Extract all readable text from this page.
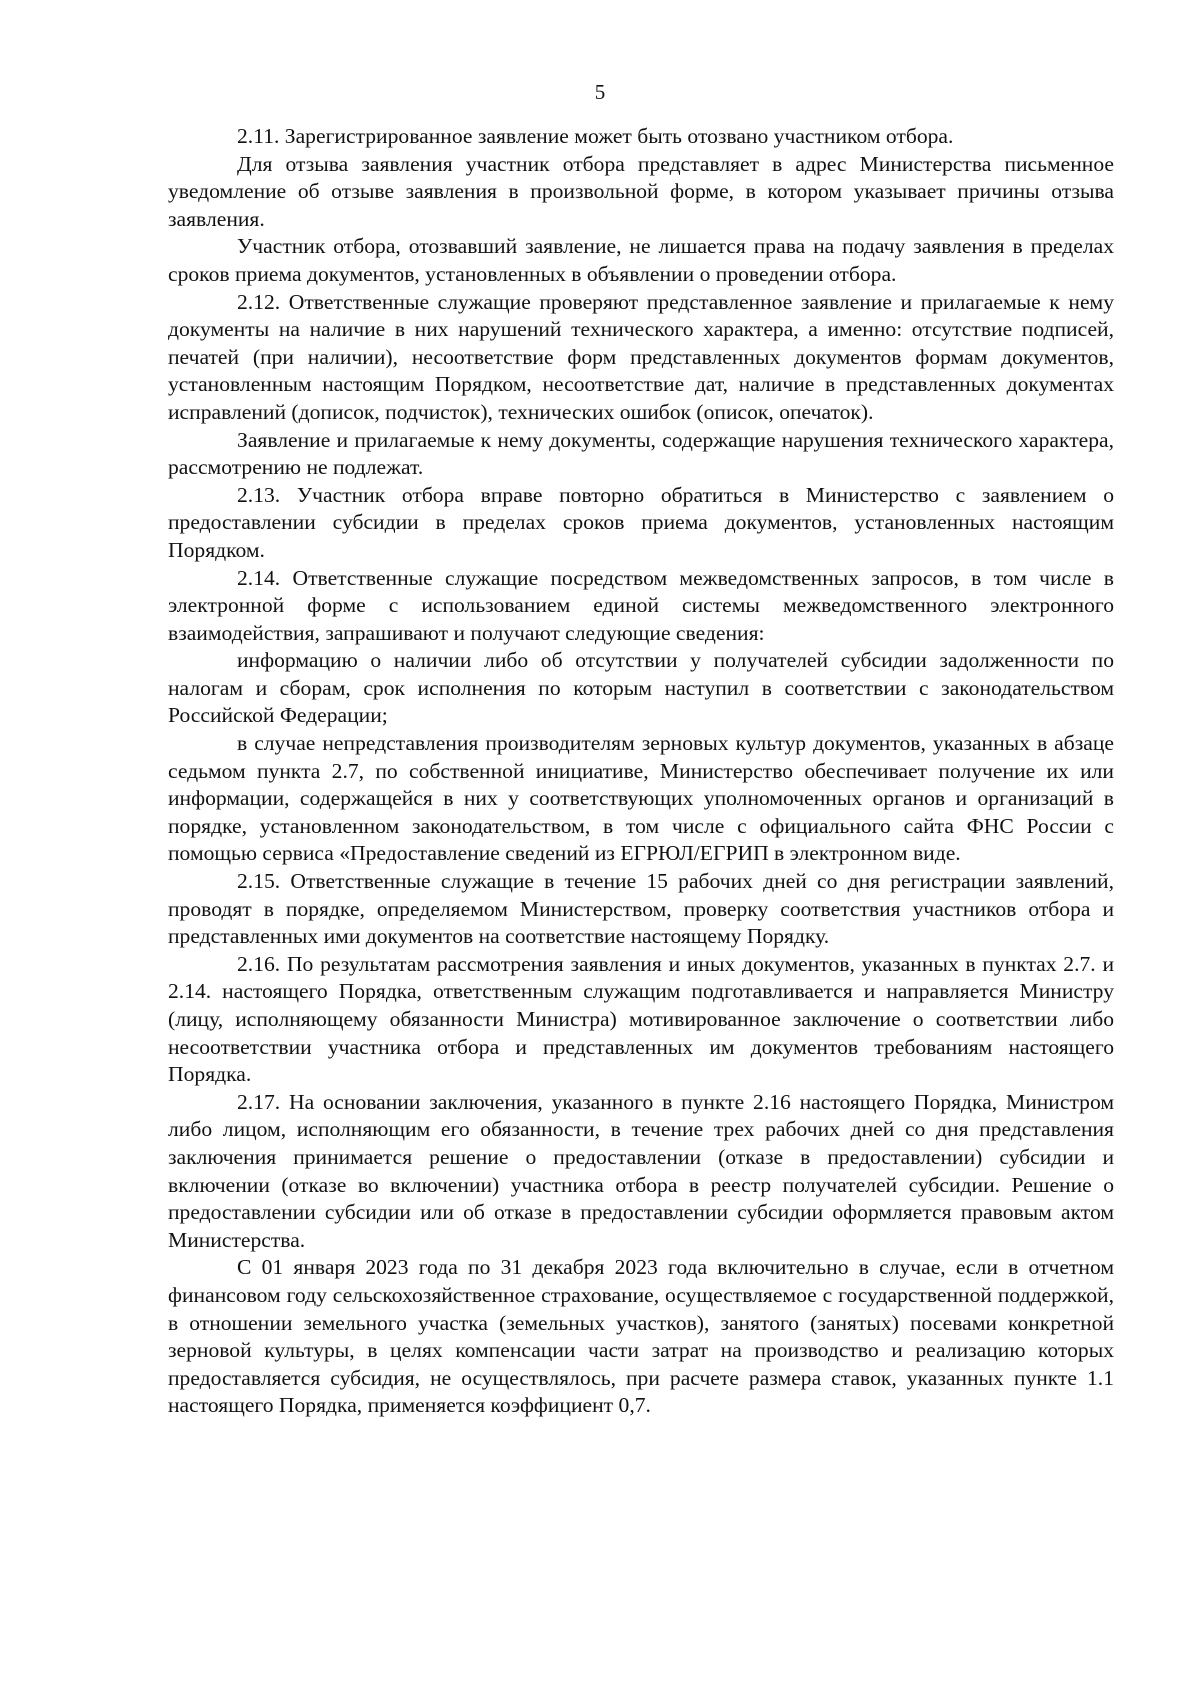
5

2.11. Зарегистрированное заявление может быть отозвано участником отбора.

Для отзыва заявления участник отбора представляет в адрес Министерства письменное уведомление об отзыве заявления в произвольной форме, в котором указывает причины отзыва заявления.

Участник отбора, отозвавший заявление, не лишается права на подачу заявления в пределах сроков приема документов, установленных в объявлении о проведении отбора.

2.12. Ответственные служащие проверяют представленное заявление и прилагаемые к нему документы на наличие в них нарушений технического характера, а именно: отсутствие подписей, печатей (при наличии), несоответствие форм представленных документов формам документов, установленным настоящим Порядком, несоответствие дат, наличие в представленных документах исправлений (дописок, подчисток), технических ошибок (описок, опечаток).

Заявление и прилагаемые к нему документы, содержащие нарушения технического характера, рассмотрению не подлежат.

2.13. Участник отбора вправе повторно обратиться в Министерство с заявлением о предоставлении субсидии в пределах сроков приема документов, установленных настоящим Порядком.

2.14. Ответственные служащие посредством межведомственных запросов, в том числе в электронной форме с использованием единой системы межведомственного электронного взаимодействия, запрашивают и получают следующие сведения:

информацию о наличии либо об отсутствии у получателей субсидии задолженности по налогам и сборам, срок исполнения по которым наступил в соответствии с законодательством Российской Федерации;

в случае непредставления производителям зерновых культур документов, указанных в абзаце седьмом пункта 2.7, по собственной инициативе, Министерство обеспечивает получение их или информации, содержащейся в них у соответствующих уполномоченных органов и организаций в порядке, установленном законодательством, в том числе с официального сайта ФНС России с помощью сервиса «Предоставление сведений из ЕГРЮЛ/ЕГРИП в электронном виде.

2.15. Ответственные служащие в течение 15 рабочих дней со дня регистрации заявлений, проводят в порядке, определяемом Министерством, проверку соответствия участников отбора и представленных ими документов на соответствие настоящему Порядку.

2.16. По результатам рассмотрения заявления и иных документов, указанных в пунктах 2.7. и 2.14. настоящего Порядка, ответственным служащим подготавливается и направляется Министру (лицу, исполняющему обязанности Министра) мотивированное заключение о соответствии либо несоответствии участника отбора и представленных им документов требованиям настоящего Порядка.

2.17. На основании заключения, указанного в пункте 2.16 настоящего Порядка, Министром либо лицом, исполняющим его обязанности, в течение трех рабочих дней со дня представления заключения принимается решение о предоставлении (отказе в предоставлении) субсидии и включении (отказе во включении) участника отбора в реестр получателей субсидии. Решение о предоставлении субсидии или об отказе в предоставлении субсидии оформляется правовым актом Министерства.

С 01 января 2023 года по 31 декабря 2023 года включительно в случае, если в отчетном финансовом году сельскохозяйственное страхование, осуществляемое с государственной поддержкой, в отношении земельного участка (земельных участков), занятого (занятых) посевами конкретной зерновой культуры, в целях компенсации части затрат на производство и реализацию которых предоставляется субсидия, не осуществлялось, при расчете размера ставок, указанных пункте 1.1 настоящего Порядка, применяется коэффициент 0,7.
